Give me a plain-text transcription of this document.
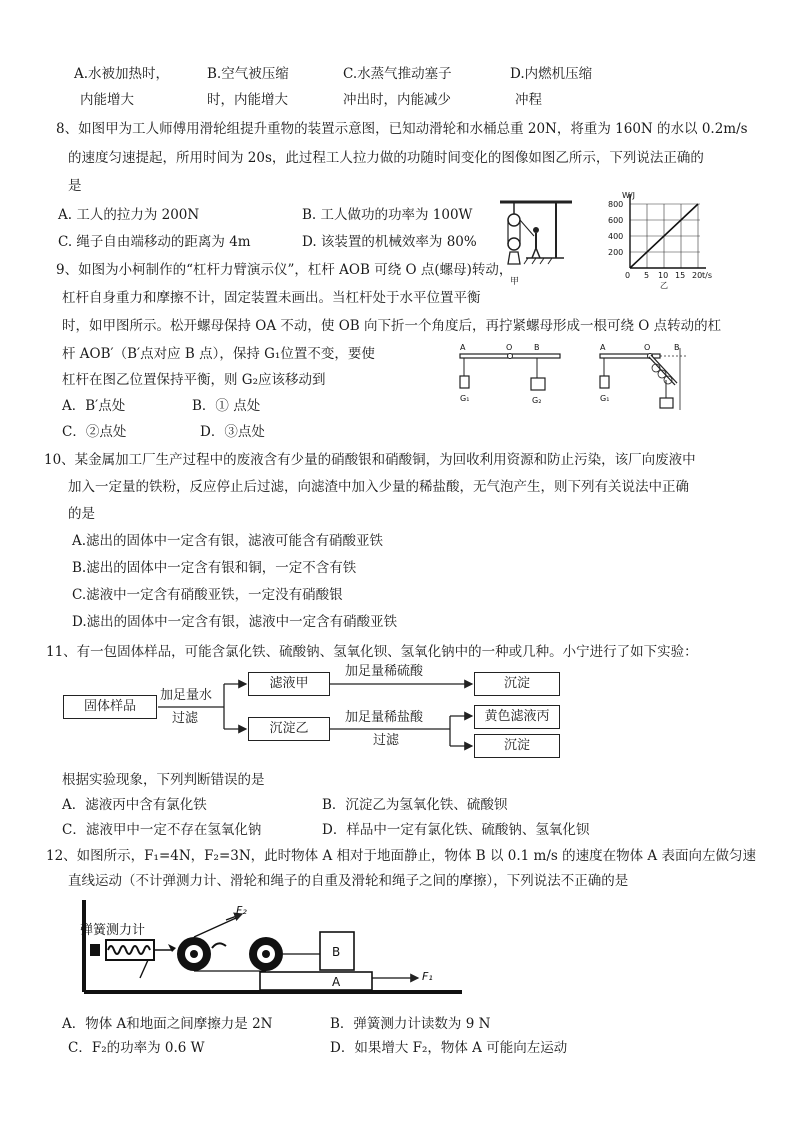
A.水被加热时，
内能增大
B.空气被压缩
时，内能增大
C.水蒸气推动塞子
冲出时，内能减少
D.内燃机压缩
冲程
8、如图甲为工人师傅用滑轮组提升重物的装置示意图，已知动滑轮和水桶总重 20N，将重为 160N 的水以 0.2m/s
的速度匀速提起，所用时间为 20s，此过程工人拉力做的功随时间变化的图像如图乙所示，下列说法正确的
是
A. 工人的拉力为 200N	B. 工人做功的功率为 100W
C. 绳子自由端移动的距离为 4m	D. 该装置的机械效率为 80%
甲
W/J
800
600
400
200
0 5 10 15 20 t/s
乙
9、如图为小柯制作的“杠杆力臂演示仪”，杠杆 AOB 可绕 O 点(螺母)转动，
杠杆自身重力和摩擦不计，固定装置未画出。当杠杆处于水平位置平衡
时，如甲图所示。松开螺母保持 OA 不动，使 OB 向下折一个角度后，再拧紧螺母形成一根可绕 O 点转动的杠
杆 AOB′（B′点对应 B 点），保持 G₁位置不变，要使
杠杆在图乙位置保持平衡，则 G₂应该移动到
A．B′点处	B．① 点处
C．②点处	D．③点处
A	O	B
G₁	G₂
A	O	B
G₁
10、某金属加工厂生产过程中的废液含有少量的硝酸银和硝酸铜，为回收利用资源和防止污染，该厂向废液中
加入一定量的铁粉，反应停止后过滤，向滤渣中加入少量的稀盐酸，无气泡产生，则下列有关说法中正确
的是
A.滤出的固体中一定含有银，滤液可能含有硝酸亚铁
B.滤出的固体中一定含有银和铜，一定不含有铁
C.滤液中一定含有硝酸亚铁，一定没有硝酸银
D.滤出的固体中一定含有银，滤液中一定含有硝酸亚铁
11、有一包固体样品，可能含氯化铁、硫酸钠、氢氧化钡、氢氧化钠中的一种或几种。小宁进行了如下实验：
固体样品
加足量水
过滤
滤液甲
沉淀乙
加足量稀硫酸
加足量稀盐酸
过滤
沉淀
黄色滤液丙
沉淀
根据实验现象，下列判断错误的是
A．滤液丙中含有氯化铁	B．沉淀乙为氢氧化铁、硫酸钡
C．滤液甲中一定不存在氢氧化钠	D．样品中一定有氯化铁、硫酸钠、氢氧化钡
12、如图所示，F₁=4N，F₂=3N，此时物体 A 相对于地面静止，物体 B 以 0.1 m/s 的速度在物体 A 表面向左做匀速
直线运动（不计弹测力计、滑轮和绳子的自重及滑轮和绳子之间的摩擦），下列说法不正确的是
弹簧测力计
F₂
B
A	F₁
A．物体 A和地面之间摩擦力是 2N	B．弹簧测力计读数为 9 N
C．F₂的功率为 0.6 W	D．如果增大 F₂，物体 A 可能向左运动
